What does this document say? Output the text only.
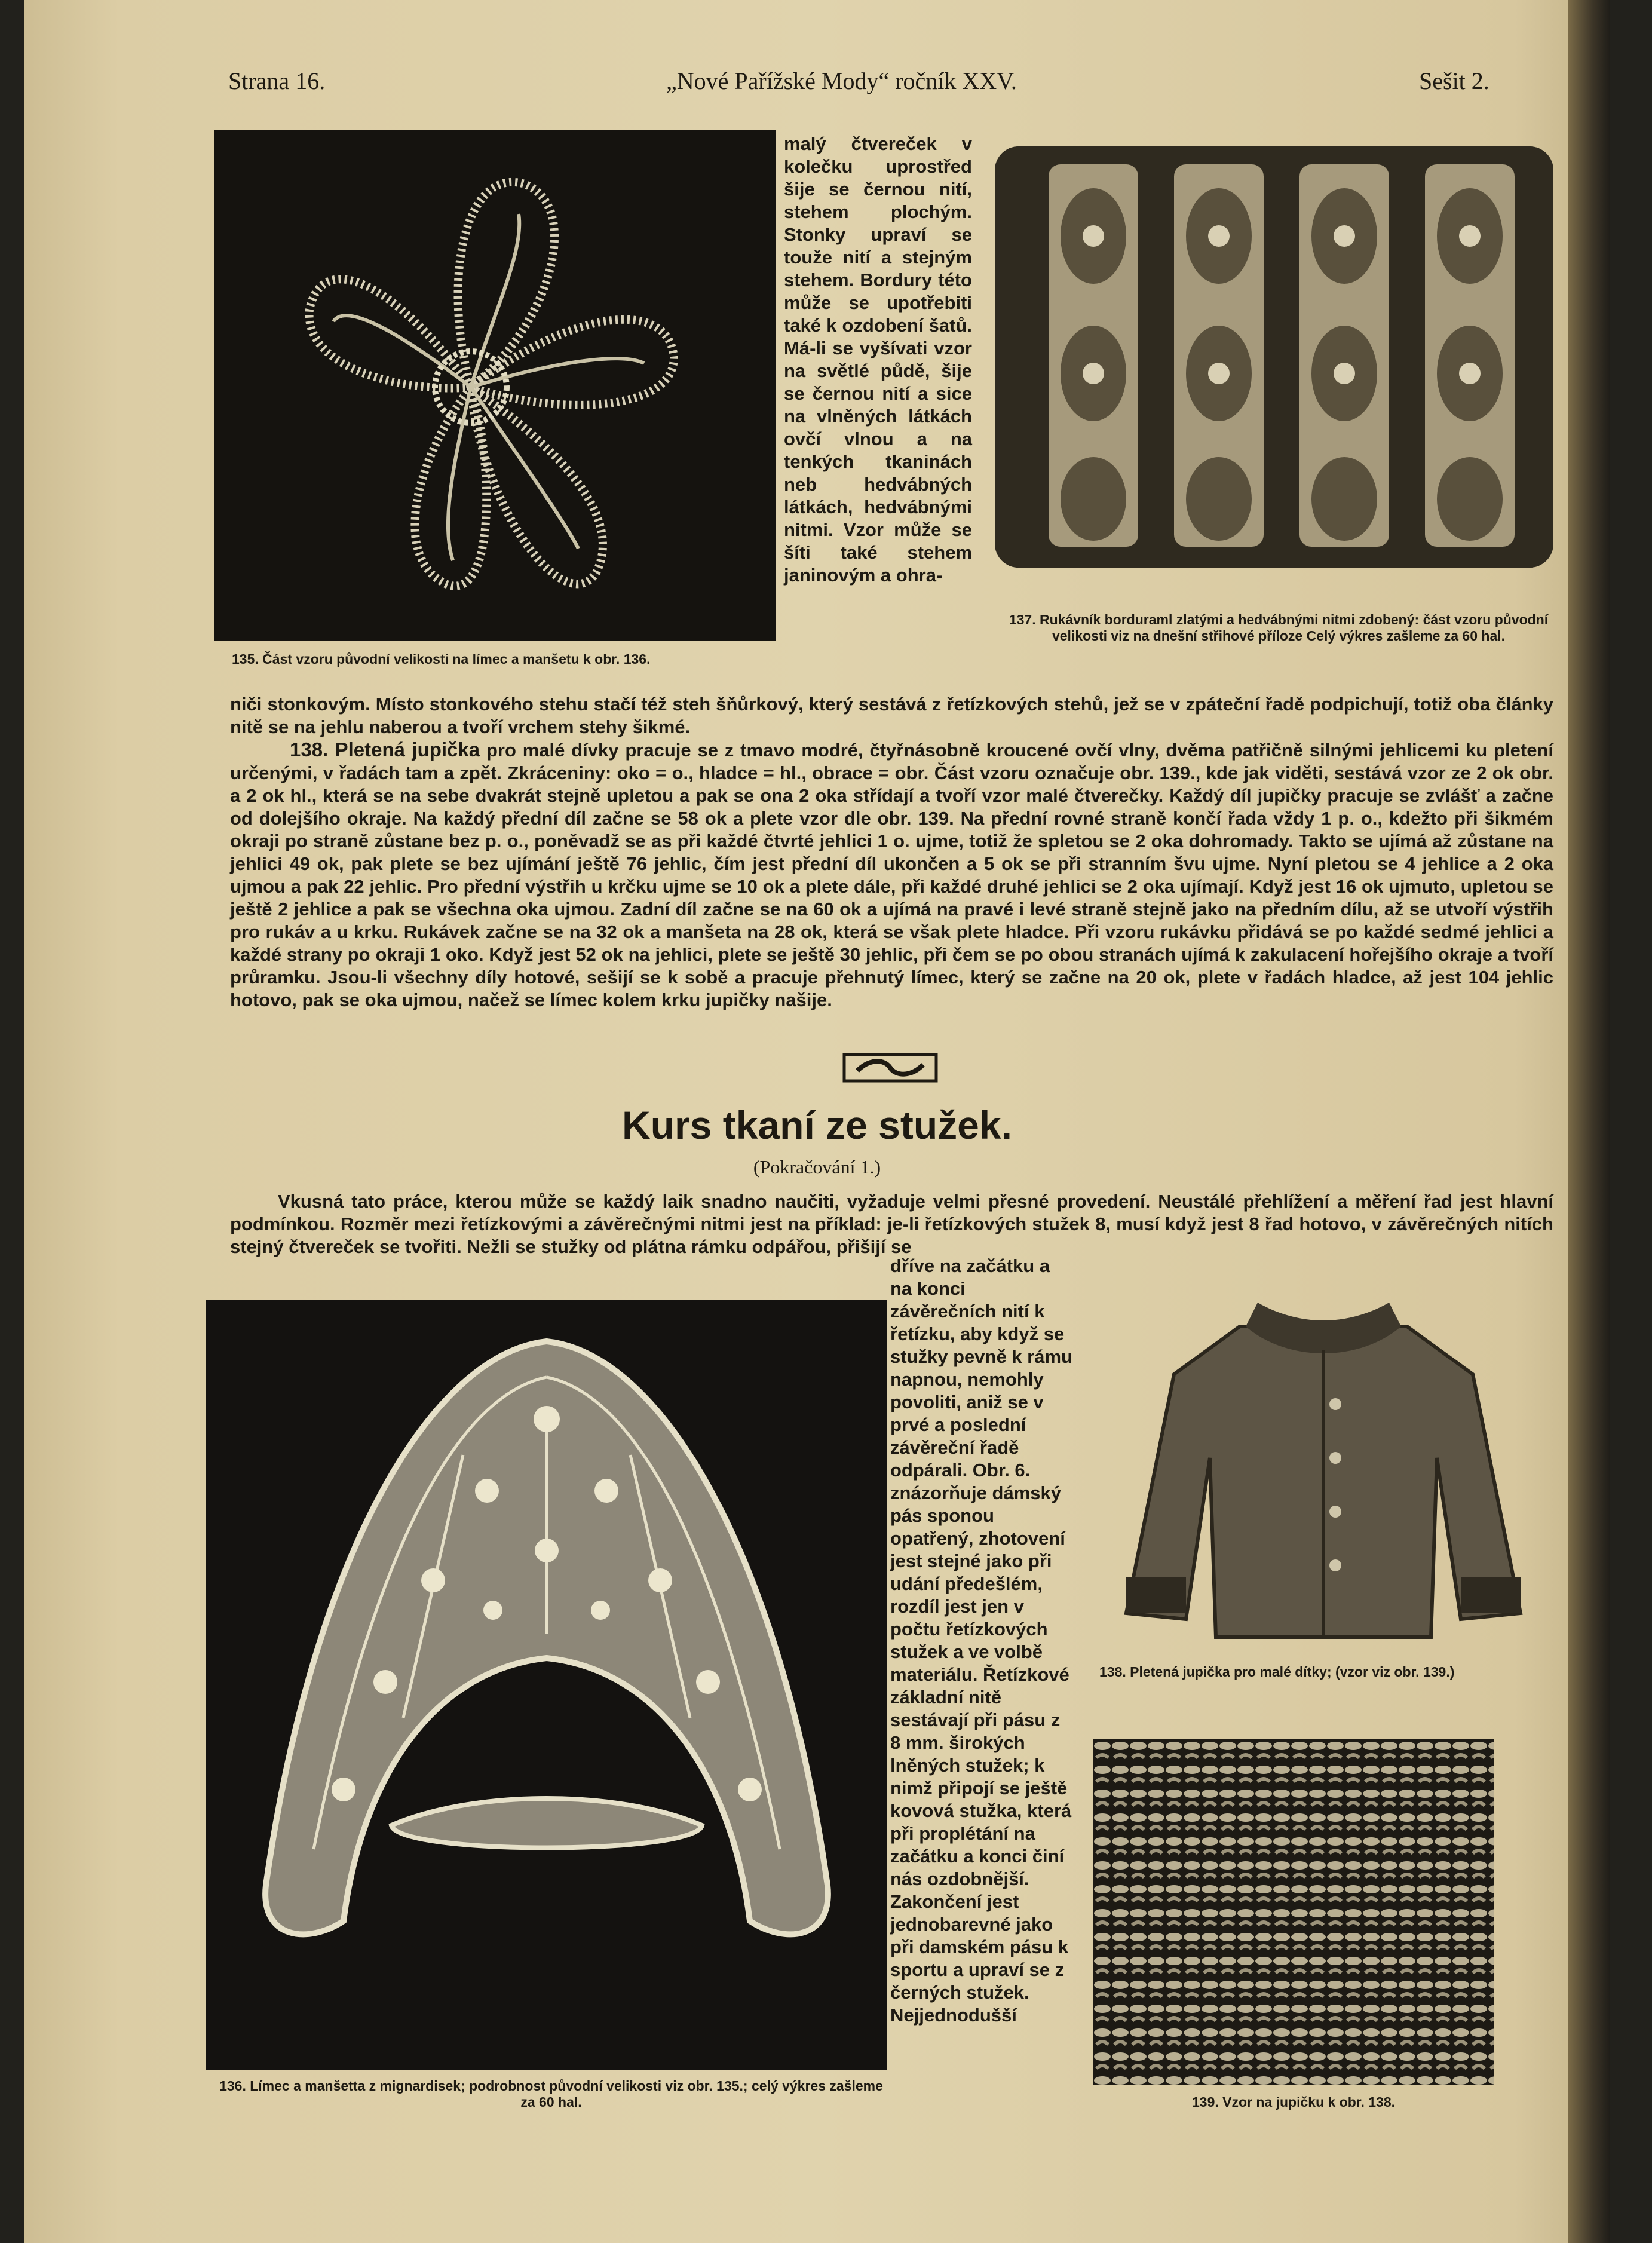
Strana 16.	„Nové Pařížské Mody“ ročník XXV.	Sešit 2.
135. Část vzoru původní velikosti na límec a manšetu k obr. 136.

malý čtvereček v kolečku uprostřed šije se černou nití, stehem plochým. Stonky upraví se touže nití a stejným stehem. Bordury této může se upotřebiti také k ozdobení šatů. Má-li se vyšívati vzor na světlé půdě, šije se černou nití a sice na vlněných látkách ovčí vlnou a na tenkých tkaninách neb hedvábných látkách, hedvábnými nitmi. Vzor může se šíti také stehem janinovým a ohra-

137. Rukávník borduraml zlatými a hedvábnými nitmi zdobený: část vzoru původní velikosti viz na dnešní střihové příloze Celý výkres zašleme za 60 hal.

niči stonkovým. Místo stonkového stehu stačí též steh šňůrkový, který sestává z řetízkových stehů, jež se v zpáteční řadě podpichují, totiž oba články nitě se na jehlu naberou a tvoří vrchem stehy šikmé.

138. Pletená jupička pro malé dívky pracuje se z tmavo modré, čtyřnásobně kroucené ovčí vlny, dvěma patřičně silnými jehlicemi ku pletení určenými, v řadách tam a zpět. Zkráceniny: oko = o., hladce = hl., obrace = obr. Část vzoru označuje obr. 139., kde jak viděti, sestává vzor ze 2 ok obr. a 2 ok hl., která se na sebe dvakrát stejně upletou a pak se ona 2 oka střídají a tvoří vzor malé čtverečky. Každý díl jupičky pracuje se zvlášť a začne od dolejšího okraje. Na každý přední díl začne se 58 ok a plete vzor dle obr. 139. Na přední rovné straně končí řada vždy 1 p. o., kdežto při šikmém okraji po straně zůstane bez p. o., poněvadž se as při každé čtvrté jehlici 1 o. ujme, totiž že spletou se 2 oka dohromady. Takto se ujímá až zůstane na jehlici 49 ok, pak plete se bez ujímání ještě 76 jehlic, čím jest přední díl ukončen a 5 ok se při stranním švu ujme. Nyní pletou se 4 jehlice a 2 oka ujmou a pak 22 jehlic. Pro přední výstřih u krčku ujme se 10 ok a plete dále, při každé druhé jehlici se 2 oka ujímají. Když jest 16 ok ujmuto, upletou se ještě 2 jehlice a pak se všechna oka ujmou. Zadní díl začne se na 60 ok a ujímá na pravé i levé straně stejně jako na předním dílu, až se utvoří výstřih pro rukáv a u krku. Rukávek začne se na 32 ok a manšeta na 28 ok, která se však plete hladce. Při vzoru rukávku přidává se po každé sedmé jehlici a každé strany po okraji 1 oko. Když jest 52 ok na jehlici, plete se ještě 30 jehlic, při čem se po obou stranách ujímá k zakulacení hořejšího okraje a tvoří průramku. Jsou-li všechny díly hotové, sešijí se k sobě a pracuje přehnutý límec, který se začne na 20 ok, plete v řadách hladce, až jest 104 jehlic hotovo, pak se oka ujmou, načež se límec kolem krku jupičky našije.

Kurs tkaní ze stužek.
(Pokračování 1.)

Vkusná tato práce, kterou může se každý laik snadno naučiti, vyžaduje velmi přesné provedení. Neustálé přehlížení a měření řad jest hlavní podmínkou. Rozměr mezi řetízkovými a závěrečnými nitmi jest na příklad: je-li řetízkových stužek 8, musí když jest 8 řad hotovo, v závěrečných nitích stejný čtvereček se tvořiti. Nežli se stužky od plátna rámku odpářou, přišijí se

136. Límec a manšetta z mignardisek; podrobnost původní velikosti viz obr. 135.; celý výkres zašleme za 60 hal.

dříve na začátku a na konci závěrečních nití k řetízku, aby když se stužky pevně k rámu napnou, nemohly povoliti, aniž se v prvé a poslední závěreční řadě odpárali. Obr. 6. znázorňuje dámský pás sponou opatřený, zhotovení jest stejné jako při udání předešlém, rozdíl jest jen v počtu řetízkových stužek a ve volbě materiálu. Řetízkové základní nitě sestávají při pásu z 8 mm. širokých lněných stužek; k nimž připojí se ještě kovová stužka, která při proplétání na začátku a konci činí nás ozdobnější. Zakončení jest jednobarevné jako při damském pásu k sportu a upraví se z černých stužek. Nejjednodušší

138. Pletená jupička pro malé dítky; (vzor viz obr. 139.)
139. Vzor na jupičku k obr. 138.
